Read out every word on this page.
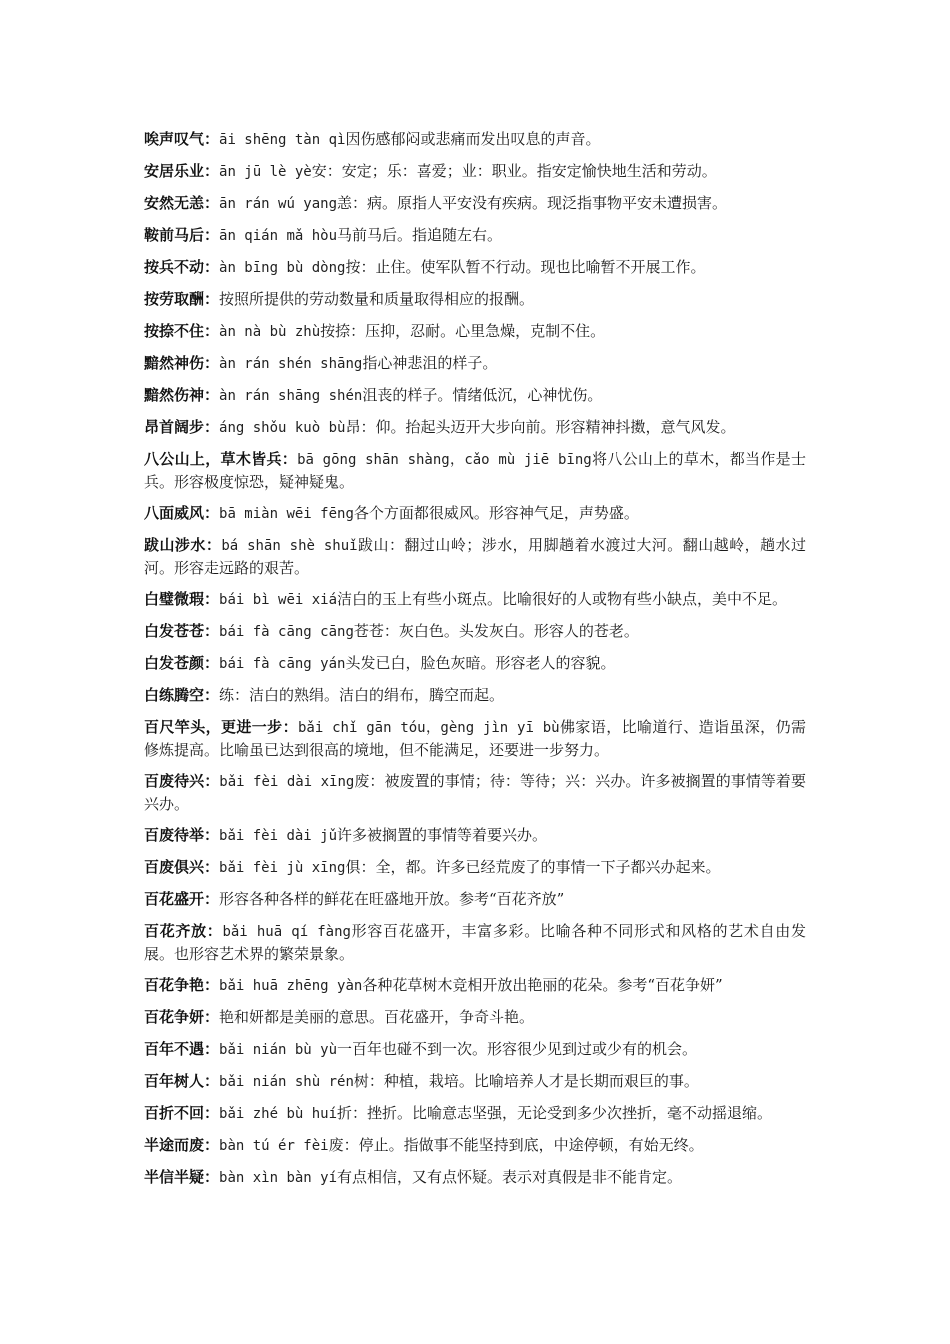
唉声叹气：āi shēng tàn qì因伤感郁闷或悲痛而发出叹息的声音。
安居乐业：ān jū lè yè安：安定；乐：喜爱；业：职业。指安定愉快地生活和劳动。
安然无恙：ān rán wú yang恙：病。原指人平安没有疾病。现泛指事物平安未遭损害。
鞍前马后：ān qián mǎ hòu马前马后。指追随左右。
按兵不动：àn bīng bù dòng按：止住。使军队暂不行动。现也比喻暂不开展工作。
按劳取酬：按照所提供的劳动数量和质量取得相应的报酬。
按捺不住：àn nà bù zhù按捺：压抑，忍耐。心里急燥，克制不住。
黯然神伤：àn rán shén shāng指心神悲沮的样子。
黯然伤神：àn rán shāng shén沮丧的样子。情绪低沉，心神忧伤。
昂首阔步：áng shǒu kuò bù昂：仰。抬起头迈开大步向前。形容精神抖擞，意气风发。
八公山上，草木皆兵：bā gōng shān shàng，cǎo mù jiē bīng将八公山上的草木，都当作是士兵。形容极度惊恐，疑神疑鬼。
八面威风：bā miàn wēi fēng各个方面都很威风。形容神气足，声势盛。
跋山涉水：bá shān shè shuǐ跋山：翻过山岭；涉水，用脚趟着水渡过大河。翻山越岭，趟水过河。形容走远路的艰苦。
白璧微瑕：bái bì wēi xiá洁白的玉上有些小斑点。比喻很好的人或物有些小缺点，美中不足。
白发苍苍：bái fà cāng cāng苍苍：灰白色。头发灰白。形容人的苍老。
白发苍颜：bái fà cāng yán头发已白，脸色灰暗。形容老人的容貌。
白练腾空：练：洁白的熟绢。洁白的绢布，腾空而起。
百尺竿头，更进一步：bǎi chǐ gān tóu，gèng jìn yī bù佛家语，比喻道行、造诣虽深，仍需修炼提高。比喻虽已达到很高的境地，但不能满足，还要进一步努力。
百废待兴：bǎi fèi dài xīng废：被废置的事情；待：等待；兴：兴办。许多被搁置的事情等着要兴办。
百废待举：bǎi fèi dài jǔ许多被搁置的事情等着要兴办。
百废俱兴：bǎi fèi jù xīng俱：全，都。许多已经荒废了的事情一下子都兴办起来。
百花盛开：形容各种各样的鲜花在旺盛地开放。参考“百花齐放”
百花齐放：bǎi huā qí fàng形容百花盛开，丰富多彩。比喻各种不同形式和风格的艺术自由发展。也形容艺术界的繁荣景象。
百花争艳：bǎi huā zhēng yàn各种花草树木竞相开放出艳丽的花朵。参考“百花争妍”
百花争妍：艳和妍都是美丽的意思。百花盛开，争奇斗艳。
百年不遇：bǎi nián bù yù一百年也碰不到一次。形容很少见到过或少有的机会。
百年树人：bǎi nián shù rén树：种植，栽培。比喻培养人才是长期而艰巨的事。
百折不回：bǎi zhé bù huí折：挫折。比喻意志坚强，无论受到多少次挫折，毫不动摇退缩。
半途而废：bàn tú ér fèi废：停止。指做事不能坚持到底，中途停顿，有始无终。
半信半疑：bàn xìn bàn yí有点相信，又有点怀疑。表示对真假是非不能肯定。
